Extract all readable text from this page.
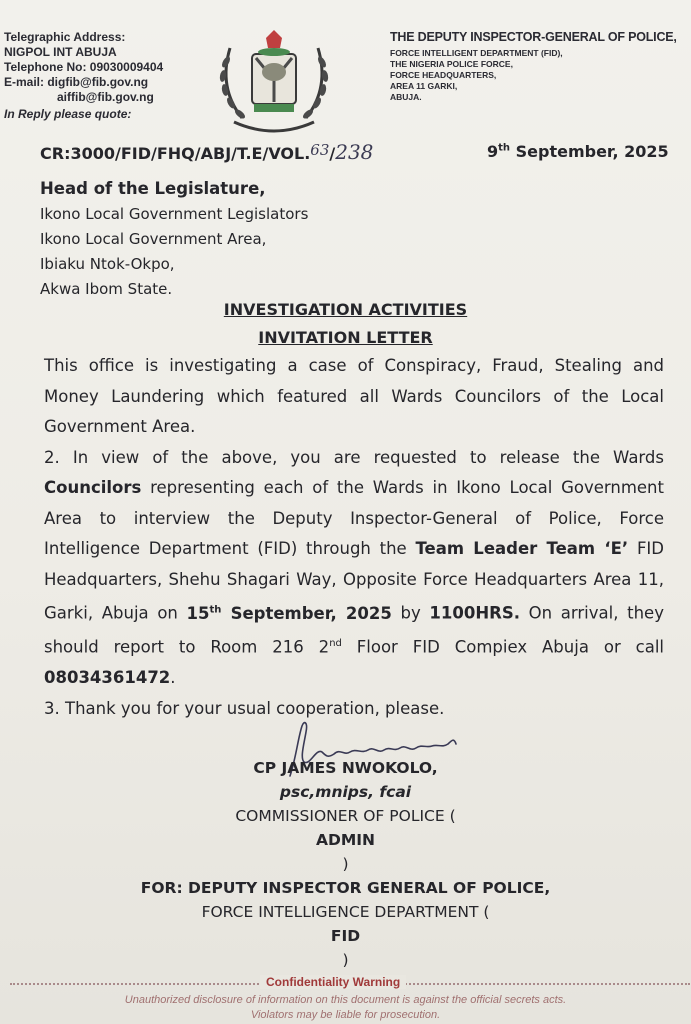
Telegraphic Address:
NIGPOL INT ABUJA
Telephone No: 09030009404
E-mail: digfib@fib.gov.ng
aiffib@fib.gov.ng
In Reply please quote:
THE DEPUTY INSPECTOR-GENERAL OF POLICE,
FORCE INTELLIGENT DEPARTMENT (FID),
THE NIGERIA POLICE FORCE,
FORCE HEADQUARTERS,
AREA 11 GARKI,
ABUJA.
CR:3000/FID/FHQ/ABJ/T.E/VOL.63/238	9th September, 2025
Head of the Legislature,
Ikono Local Government Legislators
Ikono Local Government Area,
Ibiaku Ntok-Okpo,
Akwa Ibom State.
INVESTIGATION ACTIVITIES
INVITATION LETTER

This office is investigating a case of Conspiracy, Fraud, Stealing and Money Laundering which featured all Wards Councilors of the Local Government Area.

2. In view of the above, you are requested to release the Wards Councilors representing each of the Wards in Ikono Local Government Area to interview the Deputy Inspector-General of Police, Force Intelligence Department (FID) through the Team Leader Team ‘E’ FID Headquarters, Shehu Shagari Way, Opposite Force Headquarters Area 11, Garki, Abuja on 15th September, 2025 by 1100HRS. On arrival, they should report to Room 216 2nd Floor FID Compiex Abuja or call 08034361472.

3. Thank you for your usual cooperation, please.

CP JAMES NWOKOLO,
psc,mnips, fcai
COMMISSIONER OF POLICE (
ADMIN
)
FOR: DEPUTY INSPECTOR GENERAL OF POLICE,
FORCE INTELLIGENCE DEPARTMENT (
FID
)
Confidentiality Warning
Unauthorized disclosure of information on this document is against the official secrets acts.
Violators may be liable for prosecution.
